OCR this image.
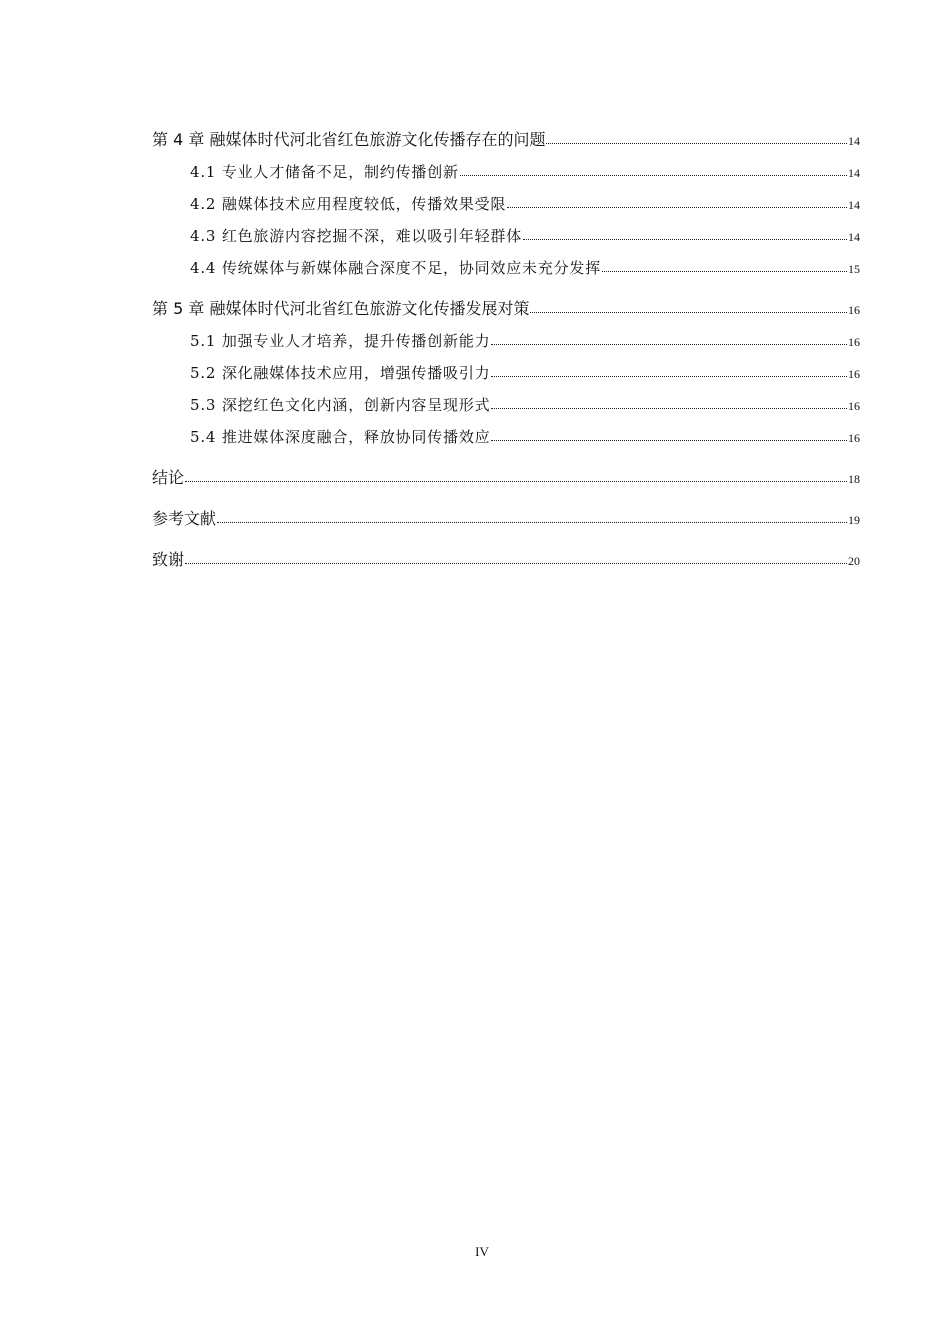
第 4 章 融媒体时代河北省红色旅游文化传播存在的问题	14
4.1 专业人才储备不足，制约传播创新	14
4.2 融媒体技术应用程度较低，传播效果受限	14
4.3 红色旅游内容挖掘不深，难以吸引年轻群体	14
4.4 传统媒体与新媒体融合深度不足，协同效应未充分发挥	15
第 5 章 融媒体时代河北省红色旅游文化传播发展对策	16
5.1 加强专业人才培养，提升传播创新能力	16
5.2 深化融媒体技术应用，增强传播吸引力	16
5.3 深挖红色文化内涵，创新内容呈现形式	16
5.4 推进媒体深度融合，释放协同传播效应	16
结论	18
参考文献	19
致谢	20
IV
